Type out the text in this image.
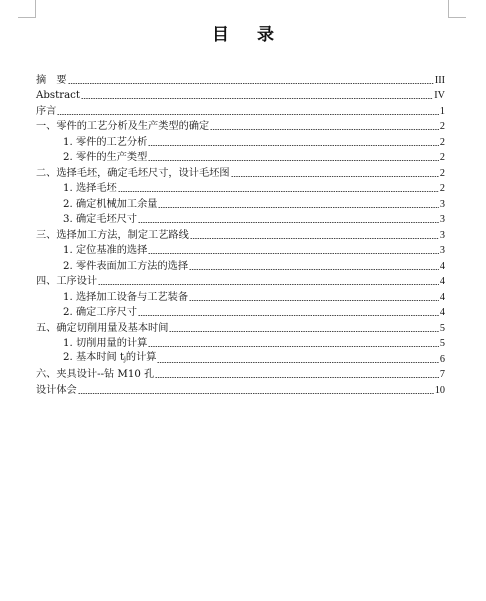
目 录
摘　要	III
Abstract	IV
序言	1
一、零件的工艺分析及生产类型的确定	2
1. 零件的工艺分析	2
2. 零件的生产类型	2
二、选择毛坯，确定毛坯尺寸，设计毛坯图	2
1. 选择毛坯	2
2. 确定机械加工余量	3
3. 确定毛坯尺寸	3
三、选择加工方法，制定工艺路线	3
1. 定位基准的选择	3
2. 零件表面加工方法的选择	4
四、工序设计	4
1. 选择加工设备与工艺装备	4
2. 确定工序尺寸	4
五、确定切削用量及基本时间	5
1. 切削用量的计算	5
2. 基本时间 tj的计算	6
六、夹具设计--钻 M10 孔	7
设计体会	10
